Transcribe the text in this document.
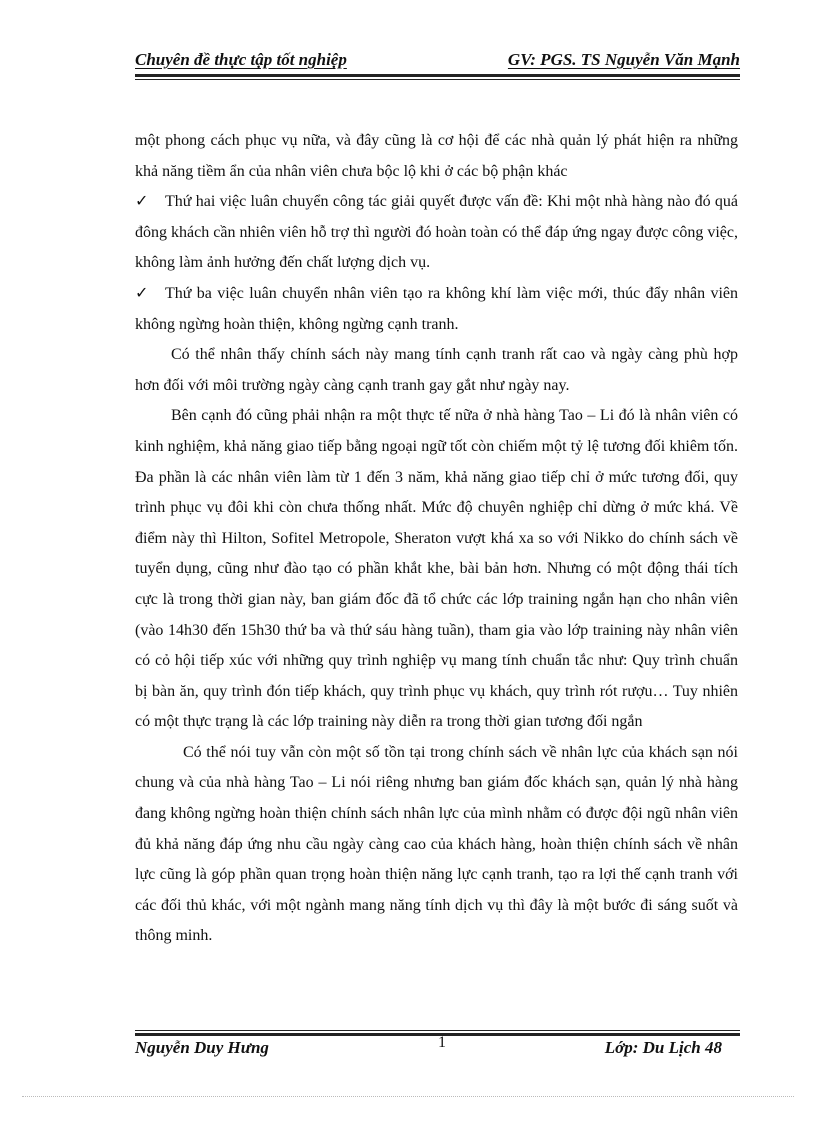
Chuyên đề thực tập tốt nghiệp	GV: PGS. TS Nguyễn Văn Mạnh

một phong cách phục vụ nữa, và đây cũng là cơ hội để các nhà quản lý phát hiện ra những khả năng tiềm ẩn của nhân viên chưa bộc lộ khi ở các bộ phận khác

✓ Thứ hai việc luân chuyển công tác giải quyết được vấn đề: Khi một nhà hàng nào đó quá đông khách cần nhiên viên hỗ trợ thì người đó hoàn toàn có thể đáp ứng ngay được công việc, không làm ảnh hưởng đến chất lượng dịch vụ.

✓ Thứ ba việc luân chuyển nhân viên tạo ra không khí làm việc mới, thúc đẩy nhân viên không ngừng hoàn thiện, không ngừng cạnh tranh.

Có thể nhân thấy chính sách này mang tính cạnh tranh rất cao và ngày càng phù hợp hơn đối với môi trường ngày càng cạnh tranh gay gắt như ngày nay.

Bên cạnh đó cũng phải nhận ra một thực tế nữa ở nhà hàng Tao – Li đó là nhân viên có kinh nghiệm, khả năng giao tiếp bằng ngoại ngữ tốt còn chiếm một tỷ lệ tương đối khiêm tốn. Đa phần là các nhân viên làm từ 1 đến 3 năm, khả năng giao tiếp chỉ ở mức tương đối, quy trình phục vụ đôi khi còn chưa thống nhất. Mức độ chuyên nghiệp chỉ dừng ở mức khá. Về điểm này thì Hilton, Sofitel Metropole, Sheraton vượt khá xa so với Nikko do chính sách về tuyển dụng, cũng như đào tạo có phần khắt khe, bài bản hơn. Nhưng có một động thái tích cực là trong thời gian này, ban giám đốc đã tổ chức các lớp training ngắn hạn cho nhân viên (vào 14h30 đến 15h30 thứ ba và thứ sáu hàng tuần), tham gia vào lớp training này nhân viên có cỏ hội tiếp xúc với những quy trình nghiệp vụ mang tính chuẩn tắc như: Quy trình chuẩn bị bàn ăn, quy trình đón tiếp khách, quy trình phục vụ khách, quy trình rót rượu… Tuy nhiên có một thực trạng là các lớp training này diễn ra trong thời gian tương đối ngắn

Có thể nói tuy vẫn còn một số tồn tại trong chính sách về nhân lực của khách sạn nói chung và của nhà hàng Tao – Li nói riêng nhưng ban giám đốc khách sạn, quản lý nhà hàng đang không ngừng hoàn thiện chính sách nhân lực của mình nhằm có được đội ngũ nhân viên đủ khả năng đáp ứng nhu cầu ngày càng cao của khách hàng, hoàn thiện chính sách về nhân lực cũng là góp phần quan trọng hoàn thiện năng lực cạnh tranh, tạo ra lợi thế cạnh tranh với các đối thủ khác, với một ngành mang năng tính dịch vụ thì đây là một bước đi sáng suốt và thông minh.

Nguyễn Duy Hưng	1	Lớp: Du Lịch 48
